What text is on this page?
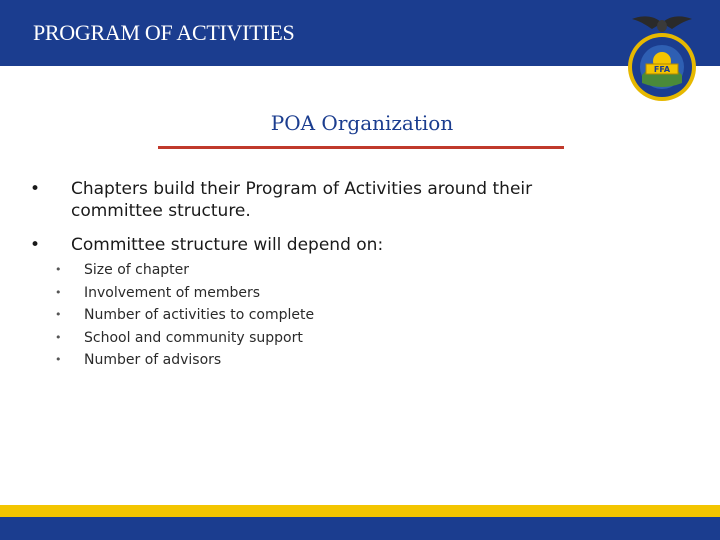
PROGRAM OF ACTIVITIES
FFA
POA Organization
•	Chapters build their Program of Activities around their committee structure.
•	Committee structure will depend on:
• Size of chapter
• Involvement of members
• Number of activities to complete
• School and community support
• Number of advisors
